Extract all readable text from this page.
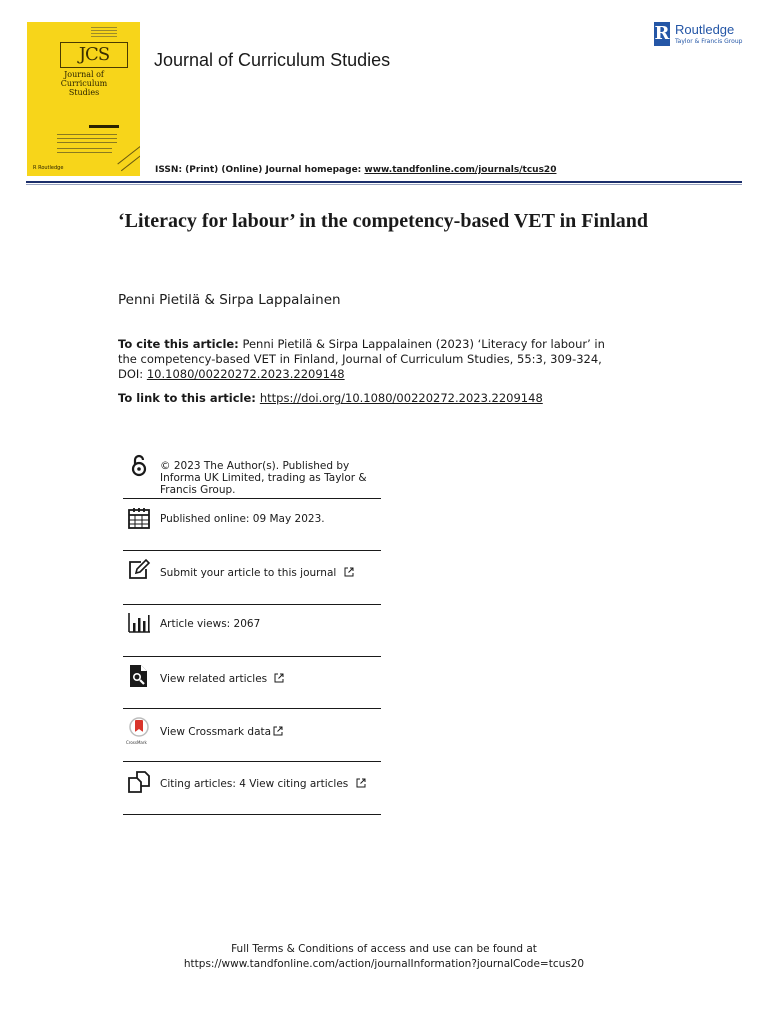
JCS
Journal of Curriculum Studies
R Routledge
Journal of Curriculum Studies
ISSN: (Print) (Online) Journal homepage: www.tandfonline.com/journals/tcus20
R Routledge
Taylor & Francis Group
‘Literacy for labour’ in the competency-based VET in Finland
Penni Pietilä & Sirpa Lappalainen
To cite this article: Penni Pietilä & Sirpa Lappalainen (2023) ‘Literacy for labour’ in the competency-based VET in Finland, Journal of Curriculum Studies, 55:3, 309-324, DOI: 10.1080/00220272.2023.2209148
To link to this article: https://doi.org/10.1080/00220272.2023.2209148
© 2023 The Author(s). Published by Informa UK Limited, trading as Taylor & Francis Group.
Published online: 09 May 2023.
Submit your article to this journal
Article views: 2067
View related articles
CrossMark
View Crossmark data
Citing articles: 4 View citing articles
Full Terms & Conditions of access and use can be found at
https://www.tandfonline.com/action/journalInformation?journalCode=tcus20
